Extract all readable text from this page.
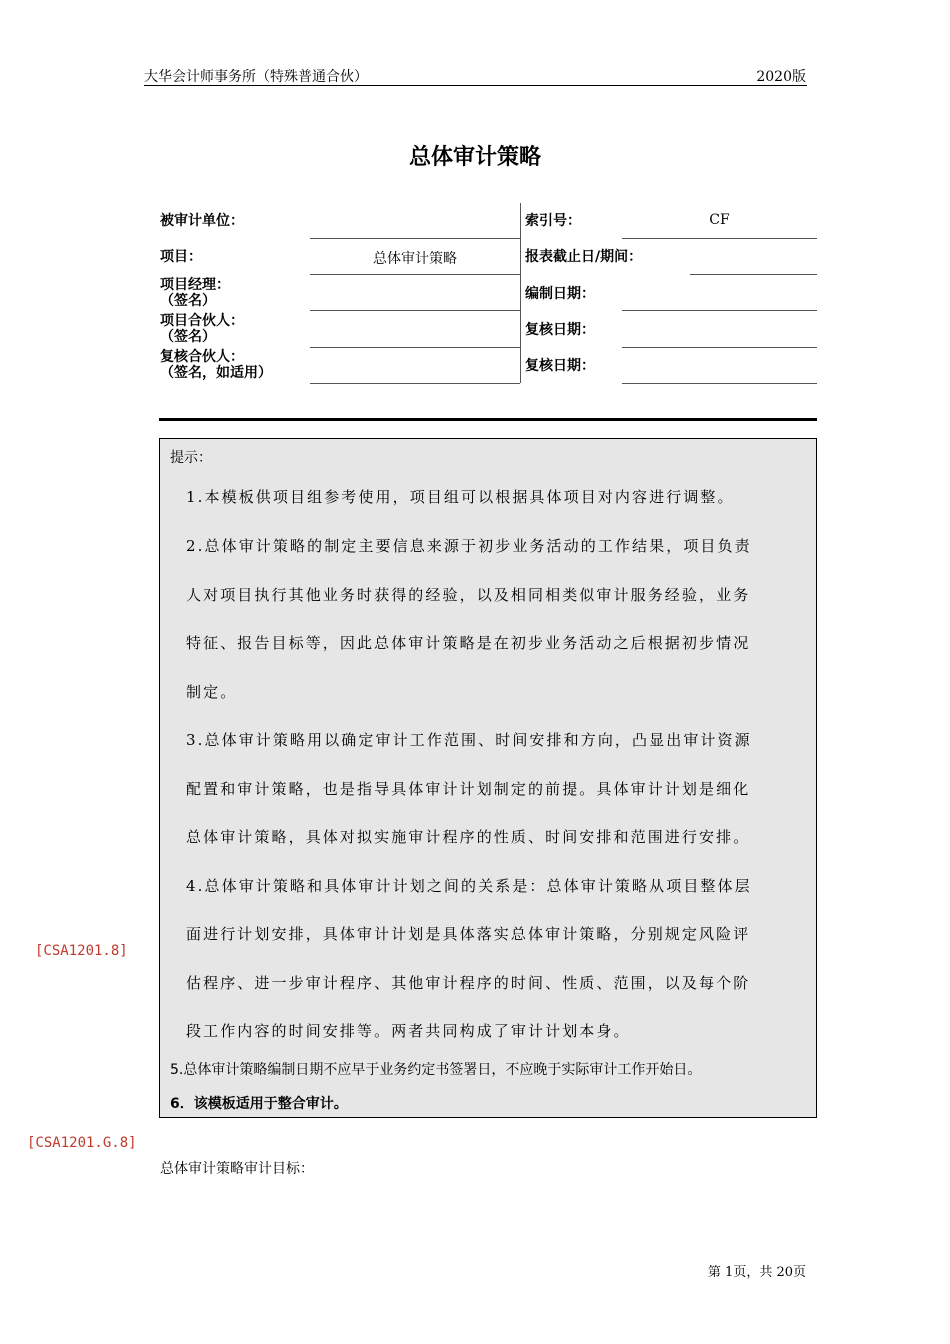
大华会计师事务所（特殊普通合伙）	2020版
总体审计策略
被审计单位：
项目：	总体审计策略
项目经理：
（签名）
项目合伙人：
（签名）
复核合伙人：
（签名，如适用）
索引号：	CF
报表截止日/期间：
编制日期：
复核日期：
复核日期：
提示：
1.本模板供项目组参考使用，项目组可以根据具体项目对内容进行调整。
2.总体审计策略的制定主要信息来源于初步业务活动的工作结果，项目负责
人对项目执行其他业务时获得的经验，以及相同相类似审计服务经验，业务
特征、报告目标等，因此总体审计策略是在初步业务活动之后根据初步情况
制定。
3.总体审计策略用以确定审计工作范围、时间安排和方向，凸显出审计资源
配置和审计策略，也是指导具体审计计划制定的前提。具体审计计划是细化
总体审计策略，具体对拟实施审计程序的性质、时间安排和范围进行安排。
4.总体审计策略和具体审计计划之间的关系是：总体审计策略从项目整体层
面进行计划安排，具体审计计划是具体落实总体审计策略，分别规定风险评
估程序、进一步审计程序、其他审计程序的时间、性质、范围，以及每个阶
段工作内容的时间安排等。两者共同构成了审计计划本身。
5.总体审计策略编制日期不应早于业务约定书签署日，不应晚于实际审计工作开始日。
6．该模板适用于整合审计。
[CSA1201.8]
[CSA1201.G.8]
总体审计策略审计目标：
第 1页，共 20页
